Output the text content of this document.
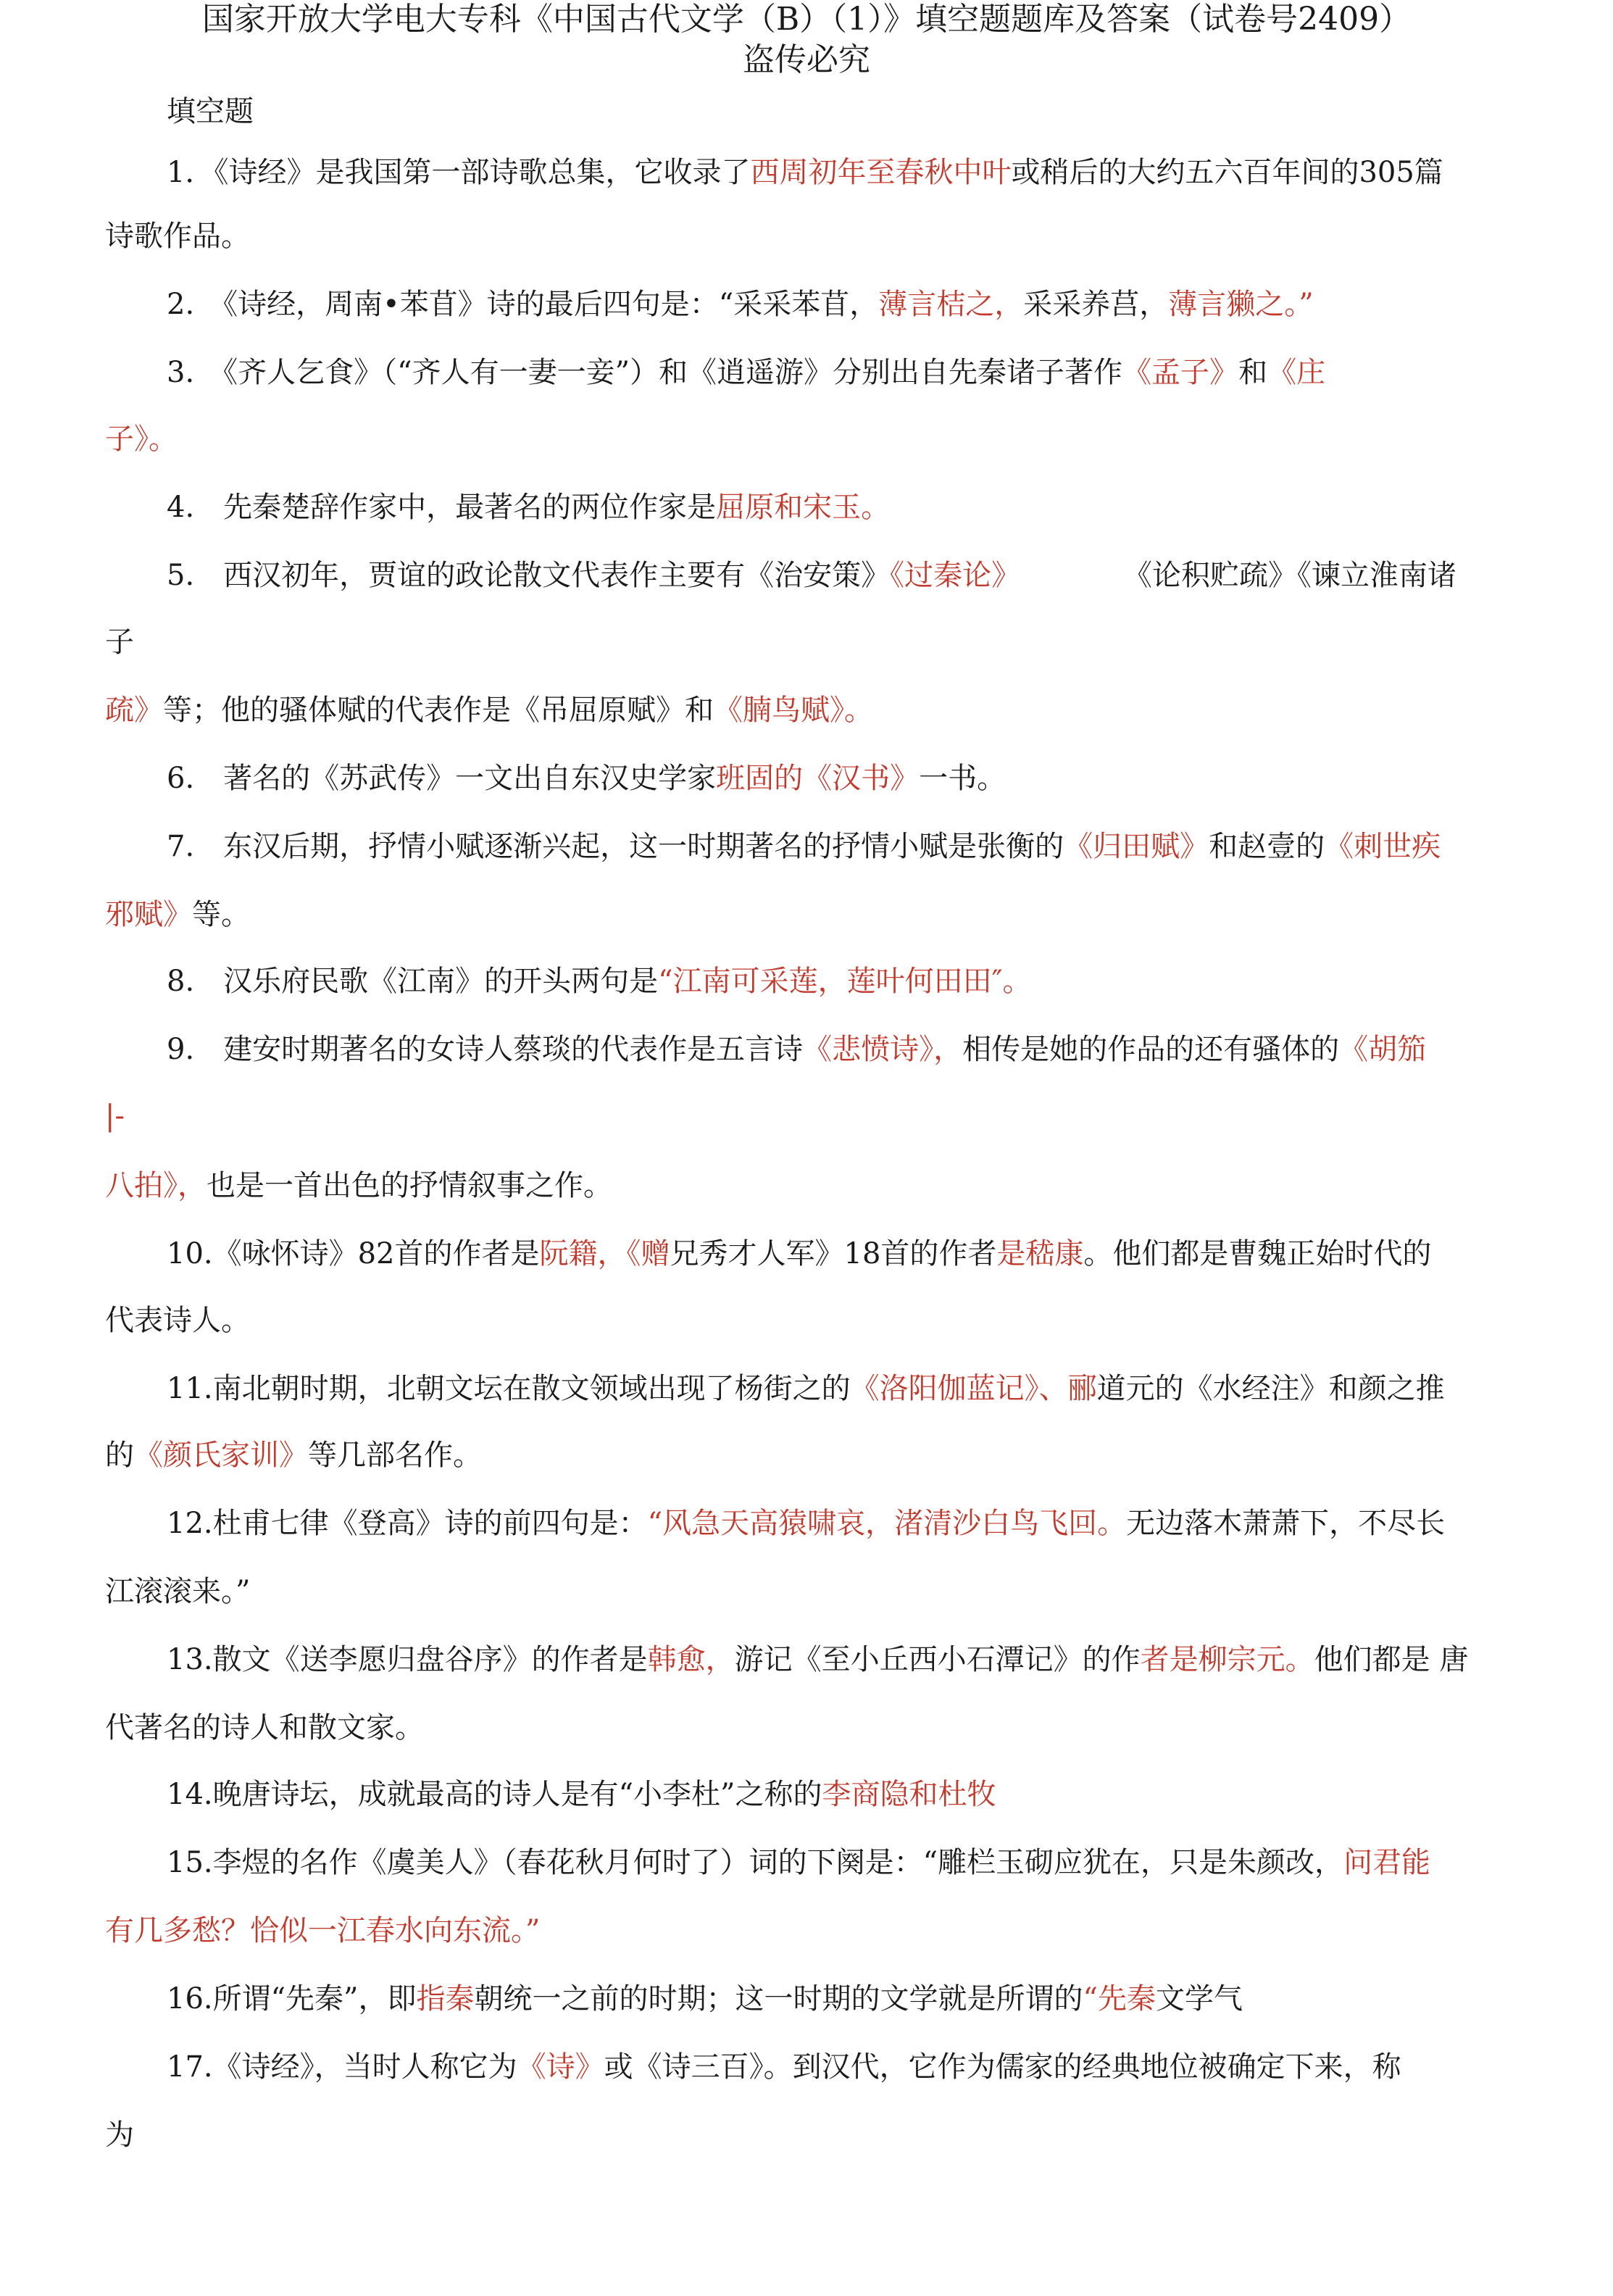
国家开放大学电大专科《中国古代文学（B）（1）》填空题题库及答案（试卷号2409）
盗传必究
填空题
1．《诗经》是我国第一部诗歌总集，它收录了西周初年至春秋中叶或稍后的大约五六百年间的305篇
诗歌作品。
2.　《诗经，周南•苯苜》诗的最后四句是：“采采苯苜，薄言桔之，采采养莒，薄言獭之。”
3.　《齐人乞食》（“齐人有一妻一妾”）和《逍遥游》分别出自先秦诸子著作《孟子》和《庄
子》。
4.　先秦楚辞作家中，最著名的两位作家是屈原和宋玉。
5.　西汉初年，贾谊的政论散文代表作主要有《治安策》《过秦论》	《论积贮疏》《谏立淮南诸
子
疏》等；他的骚体赋的代表作是《吊屈原赋》和《腩鸟赋》。
6.　著名的《苏武传》一文出自东汉史学家班固的《汉书》一书。
7.　东汉后期，抒情小赋逐渐兴起，这一时期著名的抒情小赋是张衡的《归田赋》和赵壹的《刺世疾
邪赋》等。
8.　汉乐府民歌《江南》的开头两句是“江南可采莲，莲叶何田田″。
9.　建安时期著名的女诗人蔡琰的代表作是五言诗《悲愤诗》，相传是她的作品的还有骚体的《胡笳
|-
八拍》，也是一首出色的抒情叙事之作。
10.《咏怀诗》82首的作者是阮籍，《赠兄秀才人军》18首的作者是嵇康。他们都是曹魏正始时代的
代表诗人。
11.南北朝时期，北朝文坛在散文领域出现了杨街之的《洛阳伽蓝记》、郦道元的《水经注》和颜之推
的《颜氏家训》等几部名作。
12.杜甫七律《登高》诗的前四句是：“风急天高猿啸哀，渚清沙白鸟飞回。无边落木萧萧下，不尽长
江滚滚来。”
13.散文《送李愿归盘谷序》的作者是韩愈，游记《至小丘西小石潭记》的作者是柳宗元。他们都是 唐
代著名的诗人和散文家。
14.晚唐诗坛，成就最高的诗人是有“小李杜”之称的李商隐和杜牧
15.李煜的名作《虞美人》（春花秋月何时了）词的下阕是：“雕栏玉砌应犹在，只是朱颜改，问君能
有几多愁？恰似一江春水向东流。”
16.所谓“先秦”，即指秦朝统一之前的时期；这一时期的文学就是所谓的“先秦文学气
17.《诗经》，当时人称它为《诗》或《诗三百》。到汉代，它作为儒家的经典地位被确定下来，称
为
